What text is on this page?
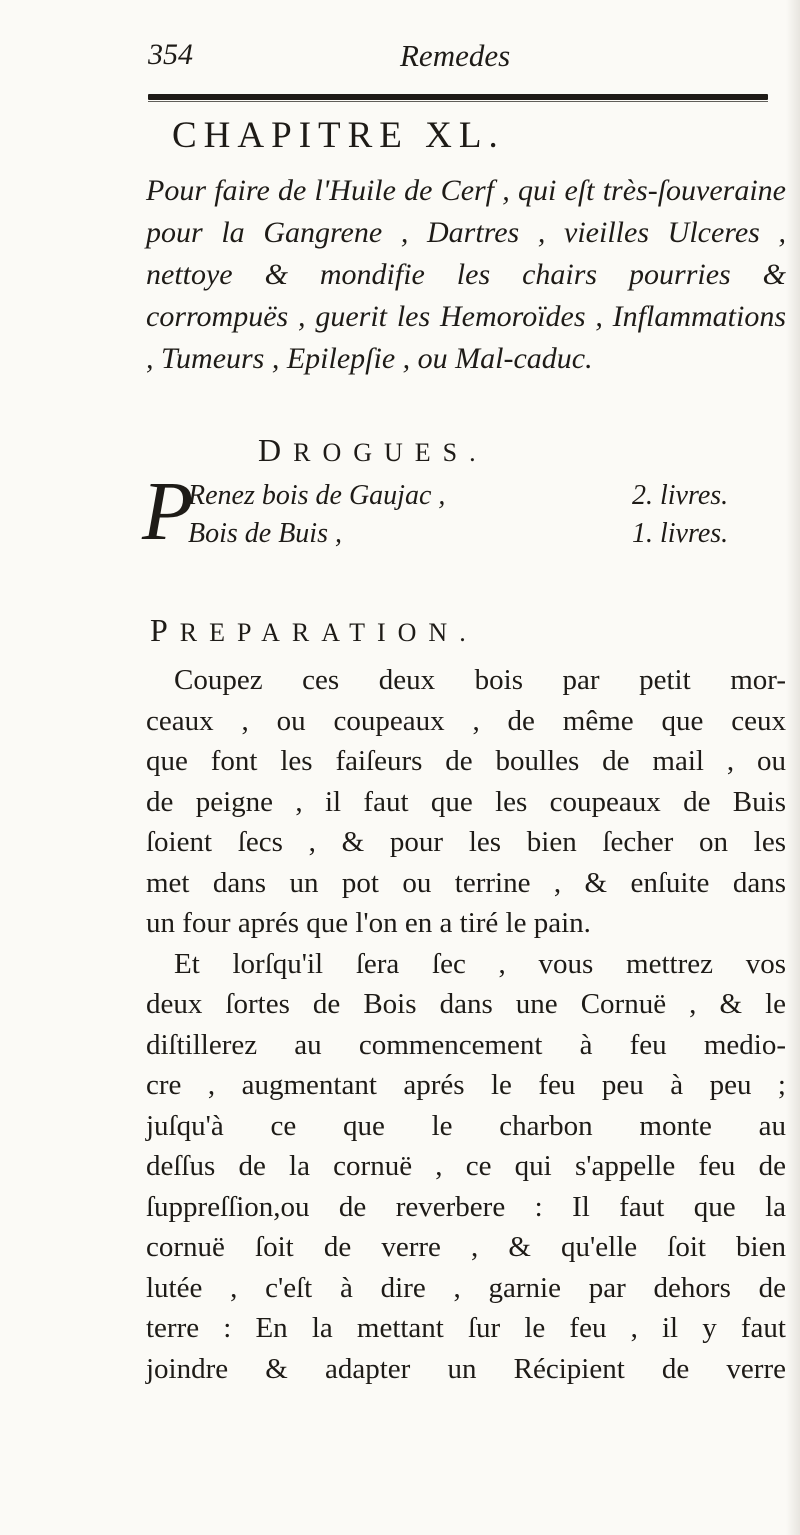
354	Remedes
CHAPITRE XL.

Pour faire de l'Huile de Cerf , qui eſt très-ſouveraine pour la Gangrene , Dartres , vieilles Ulceres , nettoye & mondifie les chairs pourries & corrompuës , guerit les Hemoroïdes , Inflammations , Tumeurs , Epilepſie , ou Mal-caduc.

DROGUES.
P
Renez bois de Gaujac ,	2. livres.
Bois de Buis ,	1. livres.
PREPARATION.
Coupez ces deux bois par petit mor-
ceaux , ou coupeaux , de même que ceux
que font les faiſeurs de boulles de mail , ou
de peigne , il faut que les coupeaux de Buis
ſoient ſecs , & pour les bien ſecher on les
met dans un pot ou terrine , & enſuite dans
un four aprés que l'on en a tiré le pain.
Et lorſqu'il ſera ſec , vous mettrez vos
deux ſortes de Bois dans une Cornuë , & le
diſtillerez au commencement à feu medio-
cre , augmentant aprés le feu peu à peu ;
juſqu'à ce que le charbon monte au
deſſus de la cornuë , ce qui s'appelle feu de
ſuppreſſion,ou de reverbere : Il faut que la
cornuë ſoit de verre , & qu'elle ſoit bien
lutée , c'eſt à dire , garnie par dehors de
terre : En la mettant ſur le feu , il y faut
joindre & adapter un Récipient de verre
